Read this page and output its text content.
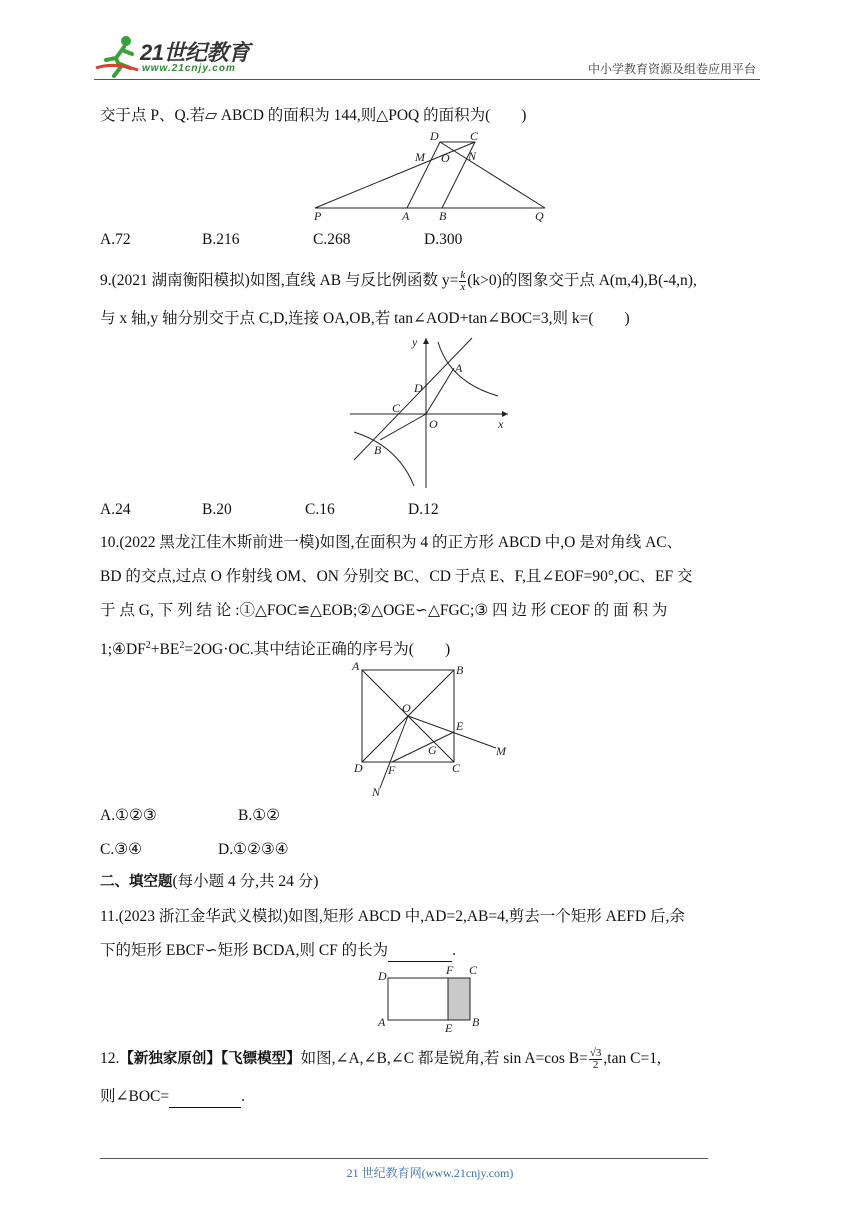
21世纪教育
www.21cnjy.com	中小学教育资源及组卷应用平台
交于点 P、Q.若▱ ABCD 的面积为 144,则△POQ 的面积为(　　)
D	C
M O N
P	A B	Q
A.72	B.216	C.268	D.300
9.(2021 湖南衡阳模拟)如图,直线 AB 与反比例函数 $y= \frac{k}{x} (k>0)$的图象交于点 A(m,4),B(-4,n),
与 x 轴,y 轴分别交于点 C,D,连接 OA,OB,若 tan∠AOD+tan∠BOC=3,则 k=(　　)
y
x
A
D
C
O
B
A.24	B.20	C.16	D.12
10.(2022 黑龙江佳木斯前进一模)如图,在面积为 4 的正方形 ABCD 中,O 是对角线 AC、
BD 的交点,过点 O 作射线 OM、ON 分别交 BC、CD 于点 E、F,且∠EOF=90°,OC、EF 交
于 点 G, 下 列 结 论 :①△FOC≌△EOB;②△OGE∽△FGC;③ 四 边 形 CEOF 的 面 积 为
$1;④DF^2+BE^2=2OG\cdot OC$.其中结论正确的序号为(　　)
A	B
O
E
G	M
D F	C
N
A.①②③	B.①②
C.③④	D.①②③④
二、填空题(每小题 4 分,共 24 分)
11.(2023 浙江金华武义模拟)如图,矩形 ABCD 中,AD=2,AB=4,剪去一个矩形 AEFD 后,余
下的矩形 EBCF∽矩形 BCDA,则 CF 的长为	.
D	F C
A	E B
12.【新独家原创】【飞镖模型】如图,∠A,∠B,∠C 都是锐角,若 sin A=cos $B= \frac{√3}{2} ,\tan$ C=1,
则∠BOC=	.
21 世纪教育网(www.21cnjy.com)
